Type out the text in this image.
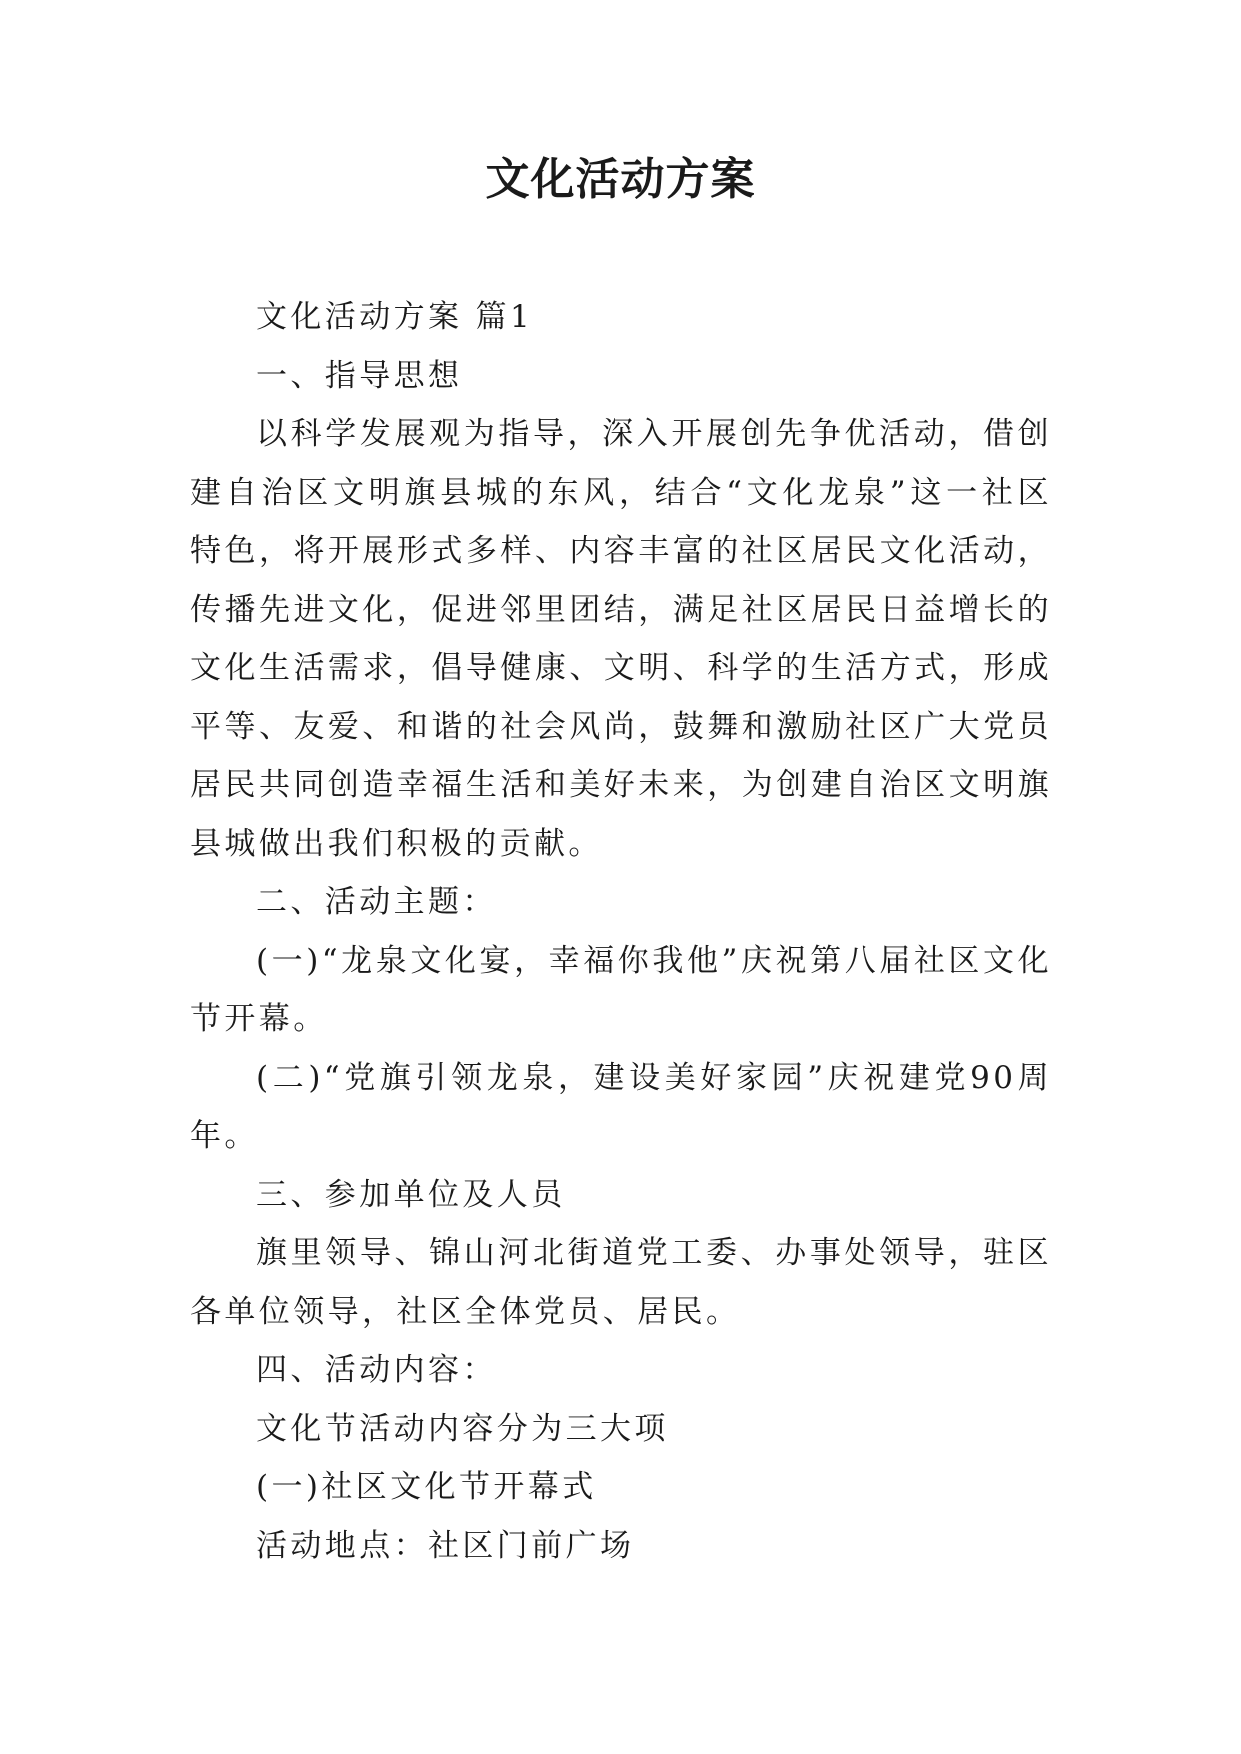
文化活动方案

文化活动方案 篇1

一、指导思想

以科学发展观为指导，深入开展创先争优活动，借创建自治区文明旗县城的东风，结合“文化龙泉”这一社区特色，将开展形式多样、内容丰富的社区居民文化活动，传播先进文化，促进邻里团结，满足社区居民日益增长的文化生活需求，倡导健康、文明、科学的生活方式，形成平等、友爱、和谐的社会风尚，鼓舞和激励社区广大党员居民共同创造幸福生活和美好未来，为创建自治区文明旗县城做出我们积极的贡献。

二、活动主题：

(一)“龙泉文化宴，幸福你我他”庆祝第八届社区文化节开幕。

(二)“党旗引领龙泉，建设美好家园”庆祝建党90周年。

三、参加单位及人员

旗里领导、锦山河北街道党工委、办事处领导，驻区各单位领导，社区全体党员、居民。

四、活动内容：

文化节活动内容分为三大项

(一)社区文化节开幕式

活动地点：社区门前广场
